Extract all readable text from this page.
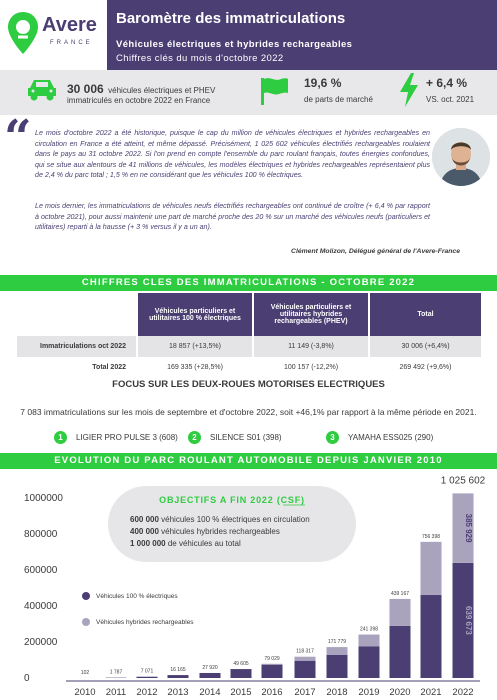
Avere
FRANCE
Baromètre des immatriculations
Véhicules électriques et hybrides rechargeables
Chiffres clés du mois d'octobre 2022
30 006 véhicules électriques et PHEV
immatriculés en octobre 2022 en France
19,6 %
de parts de marché
+ 6,4 %
VS. oct. 2021
“ Le mois d'octobre 2022 a été historique, puisque le cap du million de véhicules électriques et hybrides rechargeables en circulation en France a été atteint, et même dépassé. Précisément, 1 025 602 véhicules électrifiés rechargeables roulaient dans le pays au 31 octobre 2022. Si l'on prend en compte l'ensemble du parc roulant français, toutes énergies confondues, qui se situe aux alentours de 41 millions de véhicules, les modèles électriques et hybrides rechargeables représentaient plus de 2,4 % du parc total ; 1,5 % en ne considérant que les véhicules 100 % électriques.

Le mois dernier, les immatriculations de véhicules neufs électrifiés rechargeables ont continué de croître (+ 6,4 % par rapport à octobre 2021), pour aussi maintenir une part de marché proche des 20 % sur un marché des véhicules neufs (particuliers et utilitaires) reparti à la hausse (+ 3 % versus il y a un an).

Clément Molizon, Délégué général de l'Avere-France

CHIFFRES CLES DES IMMATRICULATIONS - OCTOBRE 2022
	Véhicules particuliers et utilitaires 100 % électriques	Véhicules particuliers et utilitaires hybrides rechargeables (PHEV)	Total
Immatriculations oct 2022	18 857 (+13,5%)	11 149 (-3,8%)	30 006 (+6,4%)
Total 2022	169 335 (+28,5%)	100 157 (-12,2%)	269 492 (+9,6%)
FOCUS SUR LES DEUX-ROUES MOTORISES ELECTRIQUES
7 083 immatriculations sur les mois de septembre et d'octobre 2022, soit +46,1% par rapport à la même période en 2021.
1	LIGIER PRO PULSE 3 (608)	2	SILENCE S01 (398)	3	YAMAHA ESS025 (290)
EVOLUTION DU PARC ROULANT AUTOMOBILE DEPUIS JANVIER 2010
0
200000
400000
600000
800000
1000000
102	1 787	7 071	16 165	27 920
49 605
79 029
118 317
171 779
241 398
439 167
756 398
1 025 602
639 673
385 929
2010 2011 2012 2013 2014 2015 2016 2017 2018 2019 2020 2021 2022
OBJECTIFS A FIN 2022 (CSF)
600 000 véhicules 100 % électriques en circulation
400 000 véhicules hybrides rechargeables
1 000 000 de véhicules au total
Véhicules 100 % électriques
Véhicules hybrides rechargeables
